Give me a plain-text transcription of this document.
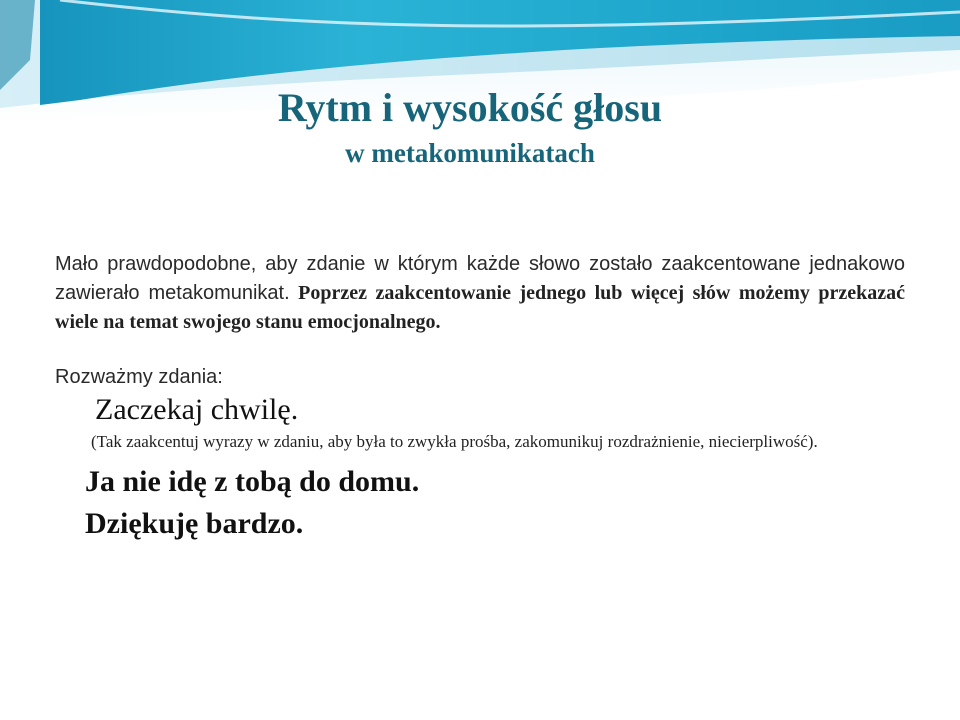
Rytm i wysokość głosu
w metakomunikatach

Mało prawdopodobne, aby zdanie w którym każde słowo zostało zaakcentowane jednakowo zawierało metakomunikat. Poprzez zaakcentowanie jednego lub więcej słów możemy przekazać wiele na temat swojego stanu emocjonalnego.

Rozważmy zdania:

Zaczekaj chwilę.

(Tak zaakcentuj wyrazy w zdaniu, aby była to zwykła prośba, zakomunikuj rozdrażnienie, niecierpliwość).

Ja nie idę z tobą do domu.

Dziękuję bardzo.
